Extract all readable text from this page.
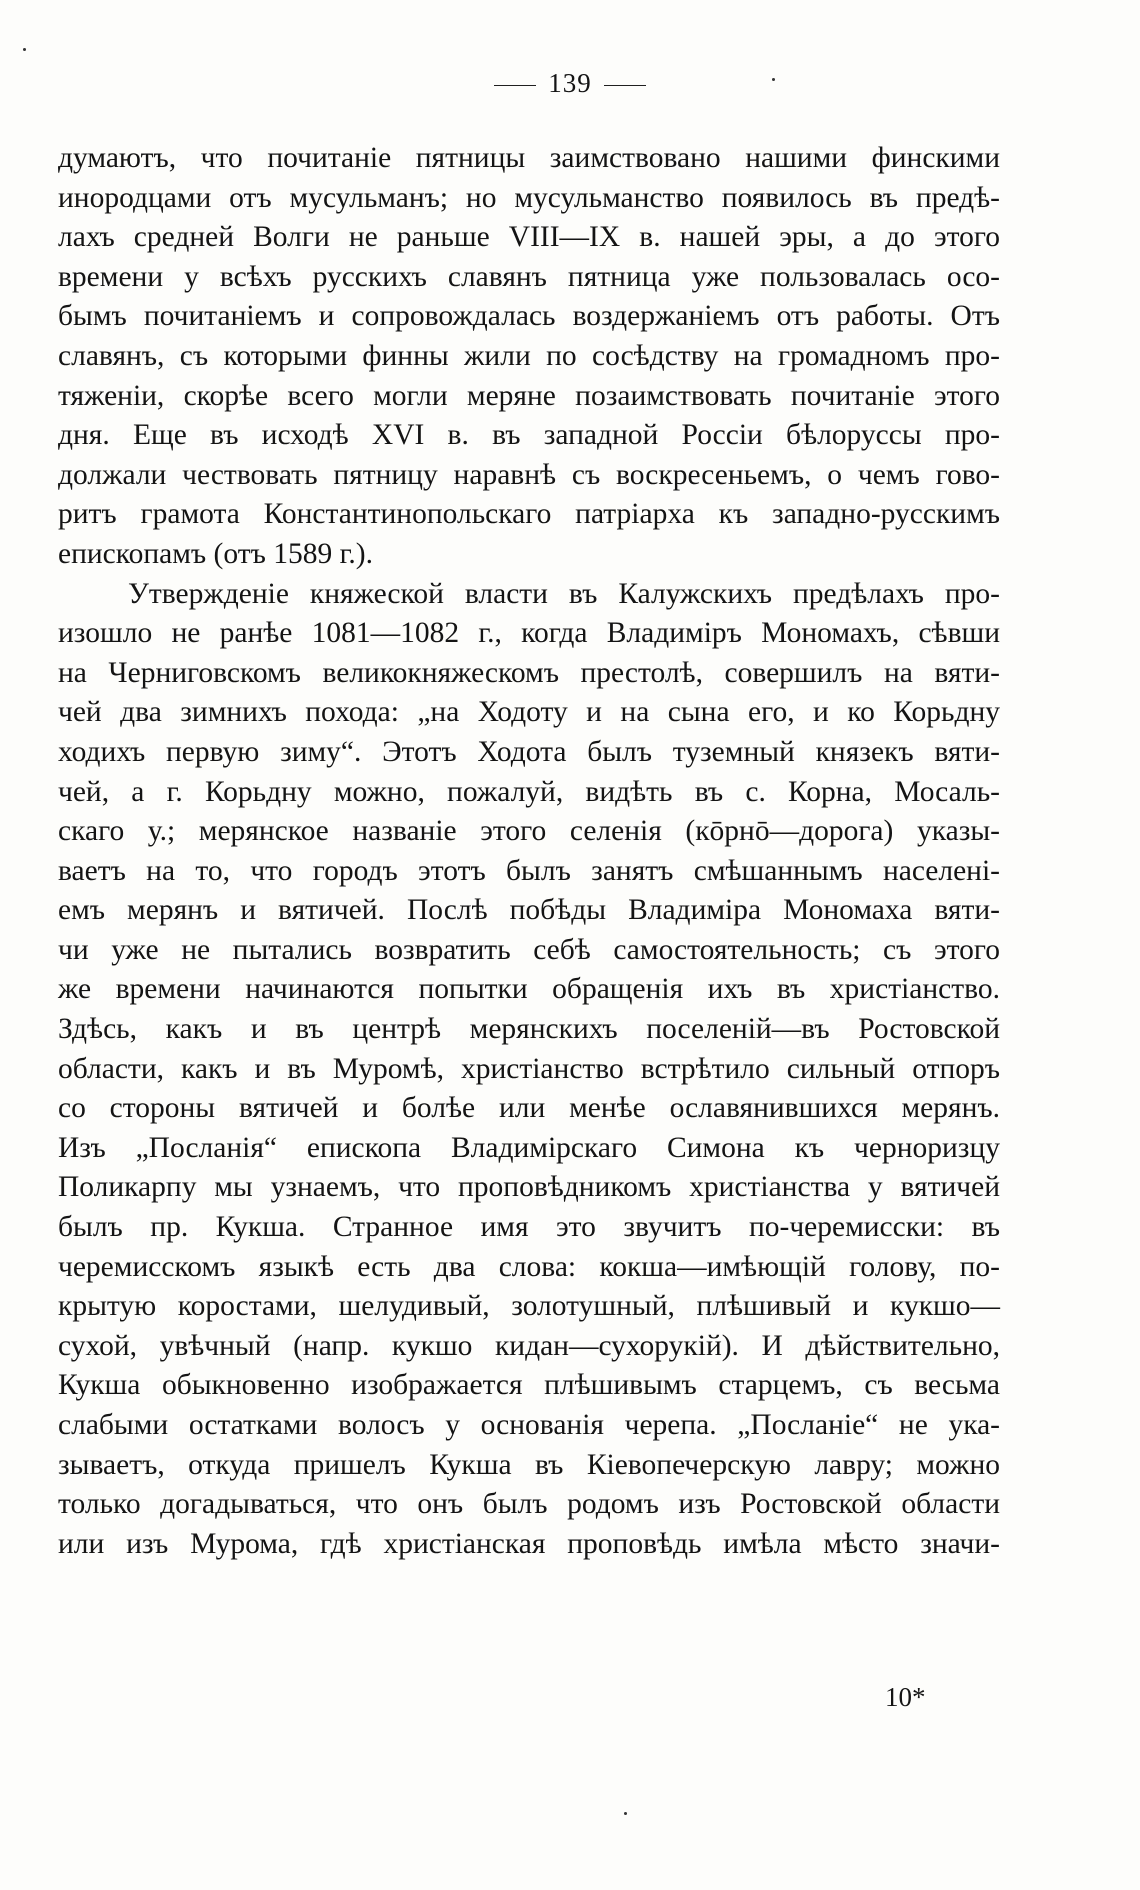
139
думаютъ, что почитаніе пятницы заимствовано нашими финскими
инородцами отъ мусульманъ; но мусульманство появилось въ предѣ-
лахъ средней Волги не раньше VIII—IX в. нашей эры, а до этого
времени у всѣхъ русскихъ славянъ пятница уже пользовалась осо-
бымъ почитаніемъ и сопровождалась воздержаніемъ отъ работы. Отъ
славянъ, съ которыми финны жили по сосѣдству на громадномъ про-
тяженіи, скорѣе всего могли меряне позаимствовать почитаніе этого
дня. Еще въ исходѣ XVI в. въ западной Россіи бѣлоруссы про-
должали чествовать пятницу наравнѣ съ воскресеньемъ, о чемъ гово-
ритъ грамота Константинопольскаго патріарха къ западно-русскимъ
епископамъ (отъ 1589 г.).
Утвержденіе княжеской власти въ Калужскихъ предѣлахъ про-
изошло не ранѣе 1081—1082 г., когда Владиміръ Мономахъ, сѣвши
на Черниговскомъ великокняжескомъ престолѣ, совершилъ на вяти-
чей два зимнихъ похода: „на Ходоту и на сына его, и ко Корьдну
ходихъ первую зиму“. Этотъ Ходота былъ туземный князекъ вяти-
чей, а г. Корьдну можно, пожалуй, видѣть въ с. Корна, Мосаль-
скаго у.; мерянское названіе этого селенія (кōрнō—дорога) указы-
ваетъ на то, что городъ этотъ былъ занятъ смѣшаннымъ населені-
емъ мерянъ и вятичей. Послѣ побѣды Владиміра Мономаха вяти-
чи уже не пытались возвратить себѣ самостоятельность; съ этого
же времени начинаются попытки обращенія ихъ въ христіанство.
Здѣсь, какъ и въ центрѣ мерянскихъ поселеній—въ Ростовской
области, какъ и въ Муромѣ, христіанство встрѣтило сильный отпоръ
со стороны вятичей и болѣе или менѣе ославянившихся мерянъ.
Изъ „Посланія“ епископа Владимірскаго Симона къ черноризцу
Поликарпу мы узнаемъ, что проповѣдникомъ христіанства у вятичей
былъ пр. Кукша. Странное имя это звучитъ по-черемисски: въ
черемисскомъ языкѣ есть два слова: кокша—имѣющій голову, по-
крытую коростами, шелудивый, золотушный, плѣшивый и кукшо—
сухой, увѣчный (напр. кукшо кидан—сухорукій). И дѣйствительно,
Кукша обыкновенно изображается плѣшивымъ старцемъ, съ весьма
слабыми остатками волосъ у основанія черепа. „Посланіе“ не ука-
зываетъ, откуда пришелъ Кукша въ Кіевопечерскую лавру; можно
только догадываться, что онъ былъ родомъ изъ Ростовской области
или изъ Мурома, гдѣ христіанская проповѣдь имѣла мѣсто значи-
10*
